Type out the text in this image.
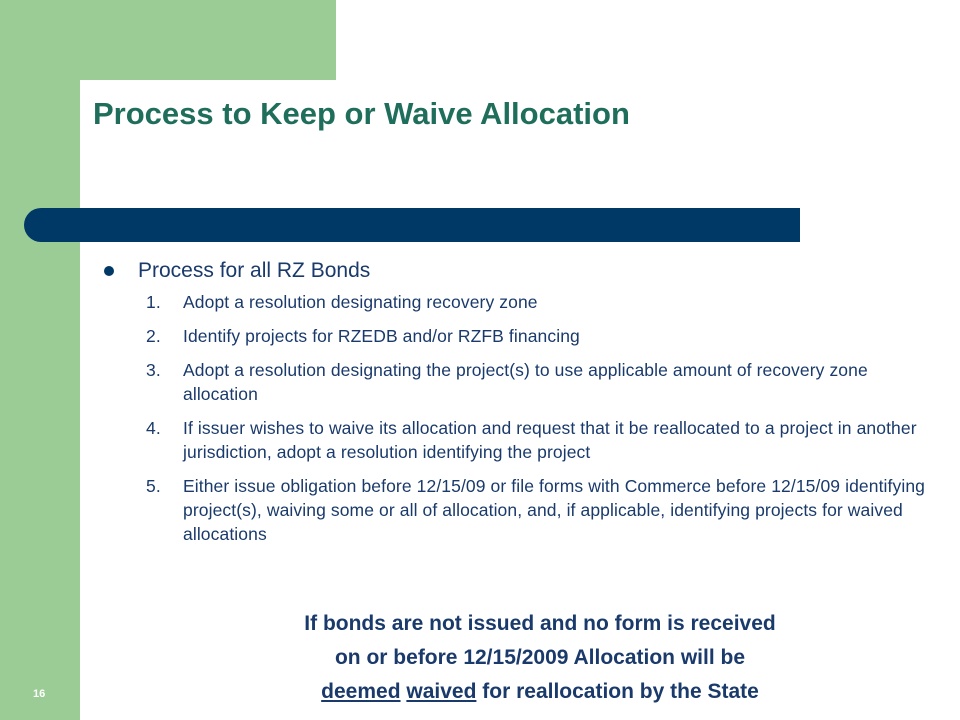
Process to Keep or Waive Allocation
Process for all RZ Bonds
1.	Adopt a resolution designating recovery zone
2.	Identify projects for RZEDB and/or RZFB financing
3.	Adopt a resolution designating the project(s) to use applicable amount of recovery zone allocation
4.	If issuer wishes to waive its allocation and request that it be reallocated to a project in another jurisdiction, adopt a resolution identifying the project
5.	Either issue obligation before 12/15/09 or file forms with Commerce before 12/15/09 identifying project(s), waiving some or all of allocation, and, if applicable, identifying projects for waived allocations
If bonds are not issued and no form is received
on or before 12/15/2009 Allocation will be
deemed waived for reallocation by the State
16
